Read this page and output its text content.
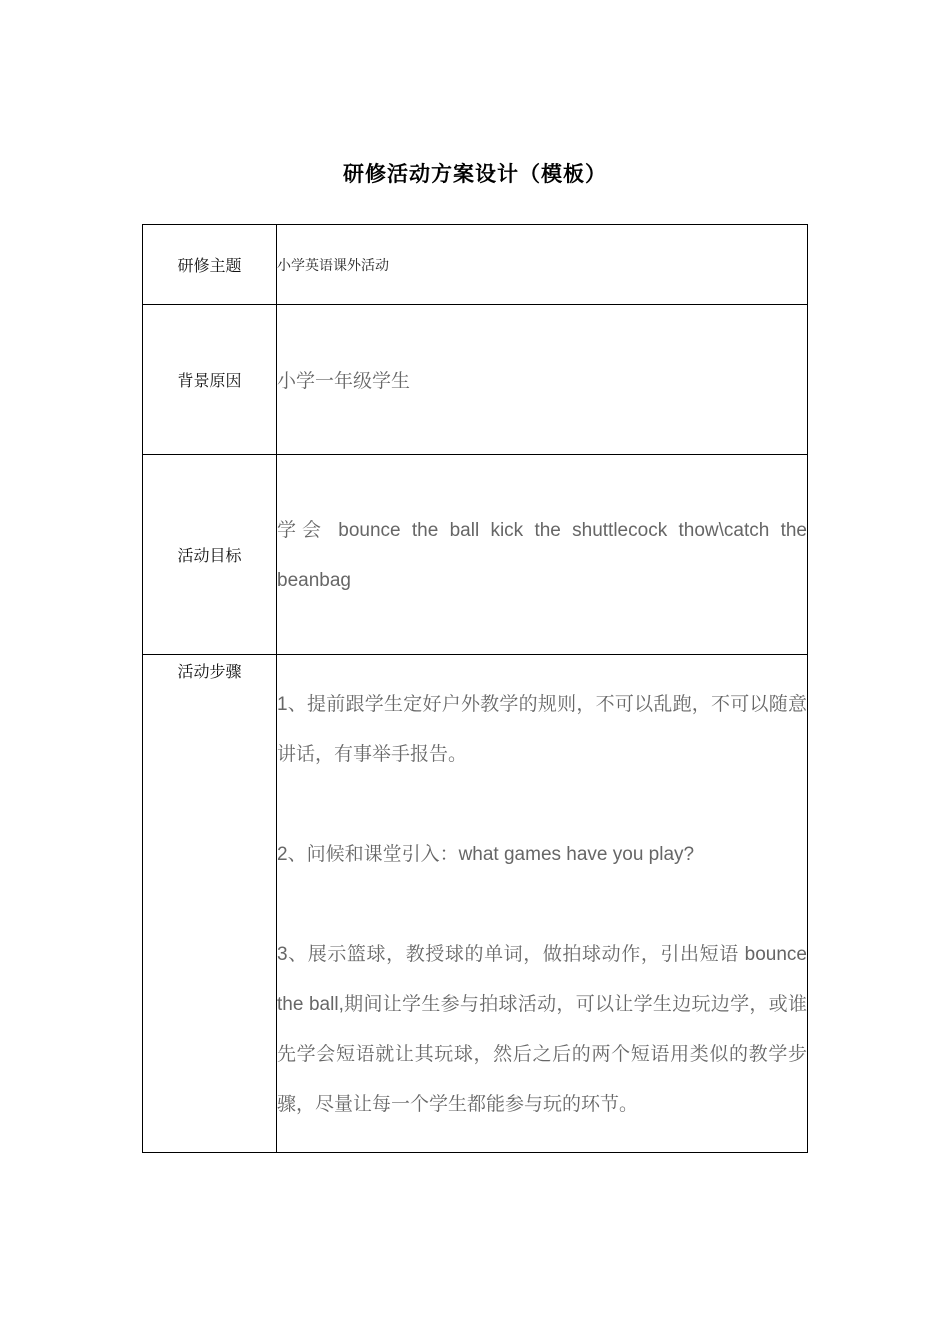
研修活动方案设计（模板）
研修主题	小学英语课外活动
背景原因	小学一年级学生
活动目标	学会 bounce the ball kick the shuttlecock thow\catch the beanbag

活动步骤	1、提前跟学生定好户外教学的规则，不可以乱跑，不可以随意讲话，有事举手报告。

2、问候和课堂引入：what games have you play?

3、展示篮球，教授球的单词，做拍球动作，引出短语 bounce the ball,期间让学生参与拍球活动，可以让学生边玩边学，或谁先学会短语就让其玩球，然后之后的两个短语用类似的教学步骤，尽量让每一个学生都能参与玩的环节。
